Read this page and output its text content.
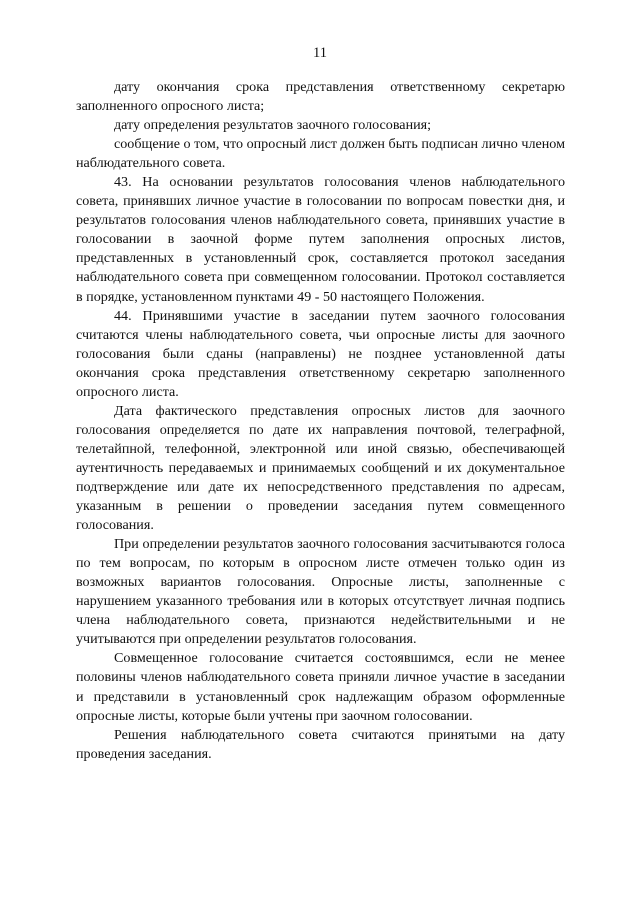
11

дату окончания срока представления ответственному секретарю заполненного опросного листа;

дату определения результатов заочного голосования;

сообщение о том, что опросный лист должен быть подписан лично членом наблюдательного совета.

43. На основании результатов голосования членов наблюдательного совета, принявших личное участие в голосовании по вопросам повестки дня, и результатов голосования членов наблюдательного совета, принявших участие в голосовании в заочной форме путем заполнения опросных листов, представленных в установленный срок, составляется протокол заседания наблюдательного совета при совмещенном голосовании. Протокол составляется в порядке, установленном пунктами 49 - 50 настоящего Положения.

44. Принявшими участие в заседании путем заочного голосования считаются члены наблюдательного совета, чьи опросные листы для заочного голосования были сданы (направлены) не позднее установленной даты окончания срока представления ответственному секретарю заполненного опросного листа.

Дата фактического представления опросных листов для заочного голосования определяется по дате их направления почтовой, телеграфной, телетайпной, телефонной, электронной или иной связью, обеспечивающей аутентичность передаваемых и принимаемых сообщений и их документальное подтверждение или дате их непосредственного представления по адресам, указанным в решении о проведении заседания путем совмещенного голосования.

При определении результатов заочного голосования засчитываются голоса по тем вопросам, по которым в опросном листе отмечен только один из возможных вариантов голосования. Опросные листы, заполненные с нарушением указанного требования или в которых отсутствует личная подпись члена наблюдательного совета, признаются недействительными и не учитываются при определении результатов голосования.

Совмещенное голосование считается состоявшимся, если не менее половины членов наблюдательного совета приняли личное участие в заседании и представили в установленный срок надлежащим образом оформленные опросные листы, которые были учтены при заочном голосовании.

Решения наблюдательного совета считаются принятыми на дату проведения заседания.
